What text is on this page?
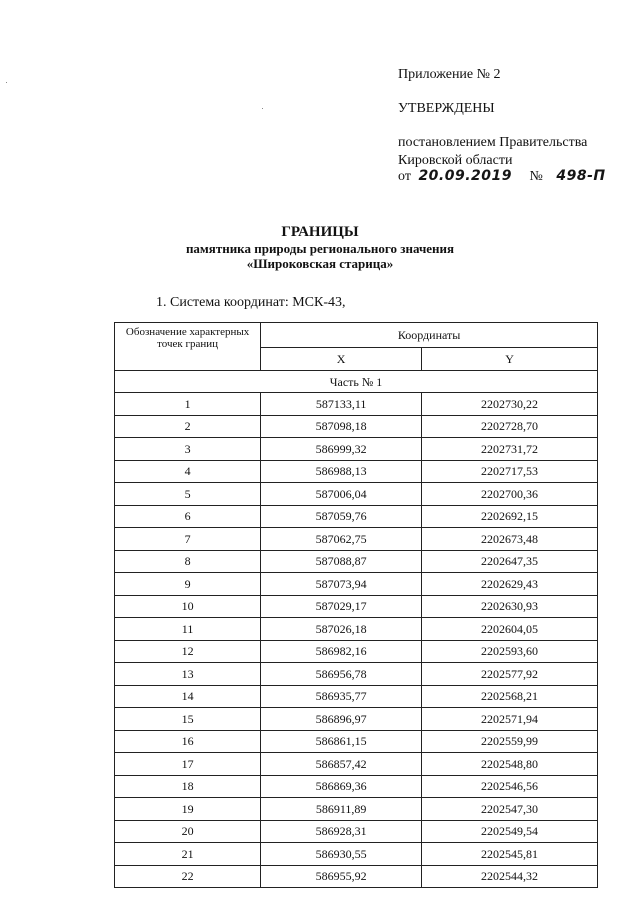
Приложение № 2
УТВЕРЖДЕНЫ
постановлением Правительства
Кировской области
от 20.09.2019 № 498-П
ГРАНИЦЫ
памятника природы регионального значения
«Широковская старица»
1. Система координат: МСК-43,
Обозначение характерных точек границ	Координаты	
	X	Y
Часть № 1		
1	587133,11	2202730,22
2	587098,18	2202728,70
3	586999,32	2202731,72
4	586988,13	2202717,53
5	587006,04	2202700,36
6	587059,76	2202692,15
7	587062,75	2202673,48
8	587088,87	2202647,35
9	587073,94	2202629,43
10	587029,17	2202630,93
11	587026,18	2202604,05
12	586982,16	2202593,60
13	586956,78	2202577,92
14	586935,77	2202568,21
15	586896,97	2202571,94
16	586861,15	2202559,99
17	586857,42	2202548,80
18	586869,36	2202546,56
19	586911,89	2202547,30
20	586928,31	2202549,54
21	586930,55	2202545,81
22	586955,92	2202544,32
